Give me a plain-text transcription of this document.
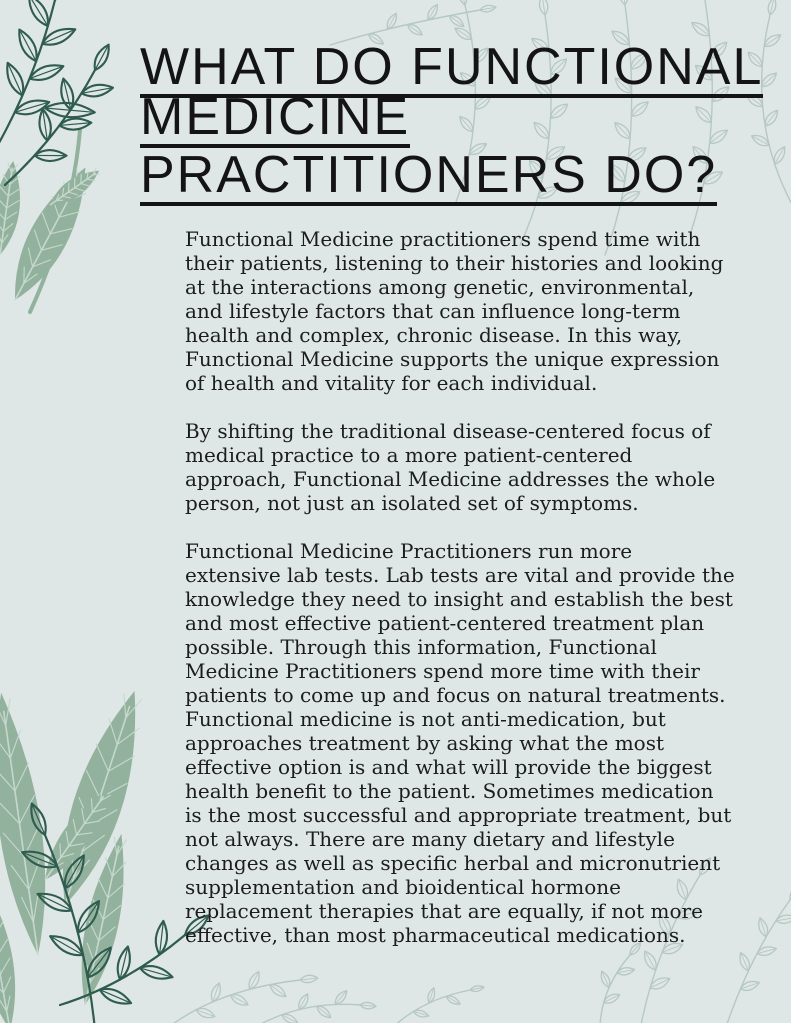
WHAT DO FUNCTIONAL
MEDICINE
PRACTITIONERS DO?
Functional Medicine practitioners spend time with
their patients, listening to their histories and looking
at the interactions among genetic, environmental,
and lifestyle factors that can influence long-term
health and complex, chronic disease. In this way,
Functional Medicine supports the unique expression
of health and vitality for each individual.
By shifting the traditional disease-centered focus of
medical practice to a more patient-centered
approach, Functional Medicine addresses the whole
person, not just an isolated set of symptoms.
Functional Medicine Practitioners run more
extensive lab tests. Lab tests are vital and provide the
knowledge they need to insight and establish the best
and most effective patient-centered treatment plan
possible. Through this information, Functional
Medicine Practitioners spend more time with their
patients to come up and focus on natural treatments.
Functional medicine is not anti-medication, but
approaches treatment by asking what the most
effective option is and what will provide the biggest
health benefit to the patient. Sometimes medication
is the most successful and appropriate treatment, but
not always. There are many dietary and lifestyle
changes as well as specific herbal and micronutrient
supplementation and bioidentical hormone
replacement therapies that are equally, if not more
effective, than most pharmaceutical medications.
